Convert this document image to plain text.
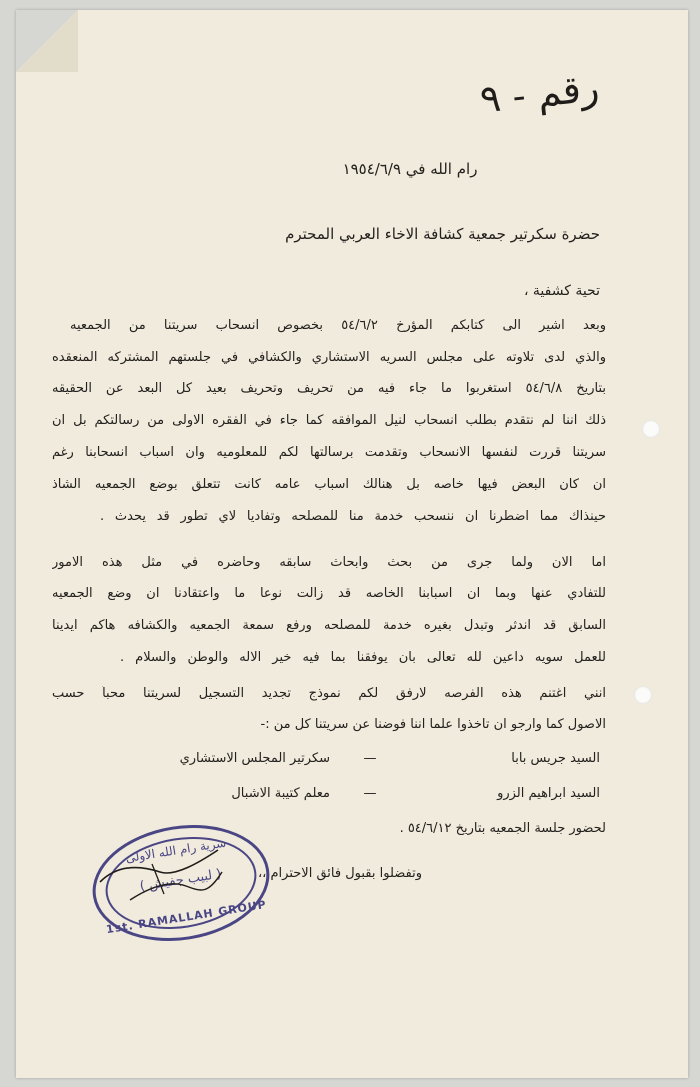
رقم - ٩
رام الله في ١٩٥٤/٦/٩
حضرة سكرتير جمعية كشافة الاخاء العربي المحترم
تحية كشفية ،
وبعد اشير الى كتابكم المؤرخ ٥٤/٦/٢ بخصوص انسحاب سريتنا من الجمعيه
والذي لدى تلاوته على مجلس السريه الاستشاري والكشافي في جلستهم المشتركه المنعقده
بتاريخ ٥٤/٦/٨ استغربوا ما جاء فيه من تحريف وتحريف بعيد كل البعد عن الحقيقه
ذلك اننا لم نتقدم بطلب انسحاب لنيل الموافقه كما جاء في الفقره الاولى من رسالتكم بل ان
سريتنا قررت لنفسها الانسحاب وتقدمت برسالتها لكم للمعلوميه وان اسباب انسحابنا رغم
ان كان البعض فيها خاصه بل هنالك اسباب عامه كانت تتعلق بوضع الجمعيه الشاذ
حينذاك مما اضطرنا ان ننسحب خدمة منا للمصلحه وتفاديا لاي تطور قد يحدث .
اما الان ولما جرى من بحث وابحاث سابقه وحاضره في مثل هذه الامور
للتفادي عنها وبما ان اسبابنا الخاصه قد زالت نوعا ما واعتقادنا ان وضع الجمعيه
السابق قد اندثر وتبدل بغيره خدمة للمصلحه ورفع سمعة الجمعيه والكشافه هاكم ايدينا
للعمل سويه داعين لله تعالى بان يوفقنا بما فيه خير الاله والوطن والسلام .
انني اغتنم هذه الفرصه لارفق لكم نموذج تجديد التسجيل لسريتنا محباً حسب
الاصول كما وارجو ان تاخذوا علما اننا فوضنا عن سريتنا كل من :-
السيد جريس بابا
—
سكرتير المجلس الاستشاري
السيد ابراهيم الزرو
—
معلم كتيبة الاشبال
لحضور جلسة الجمعيه بتاريخ ٥٤/٦/١٢ .
وتفضلوا بقبول فائق الاحترام ،،
سرية رام الله الاولى
( لبيب جفيش )
1st. RAMALLAH GROUP
